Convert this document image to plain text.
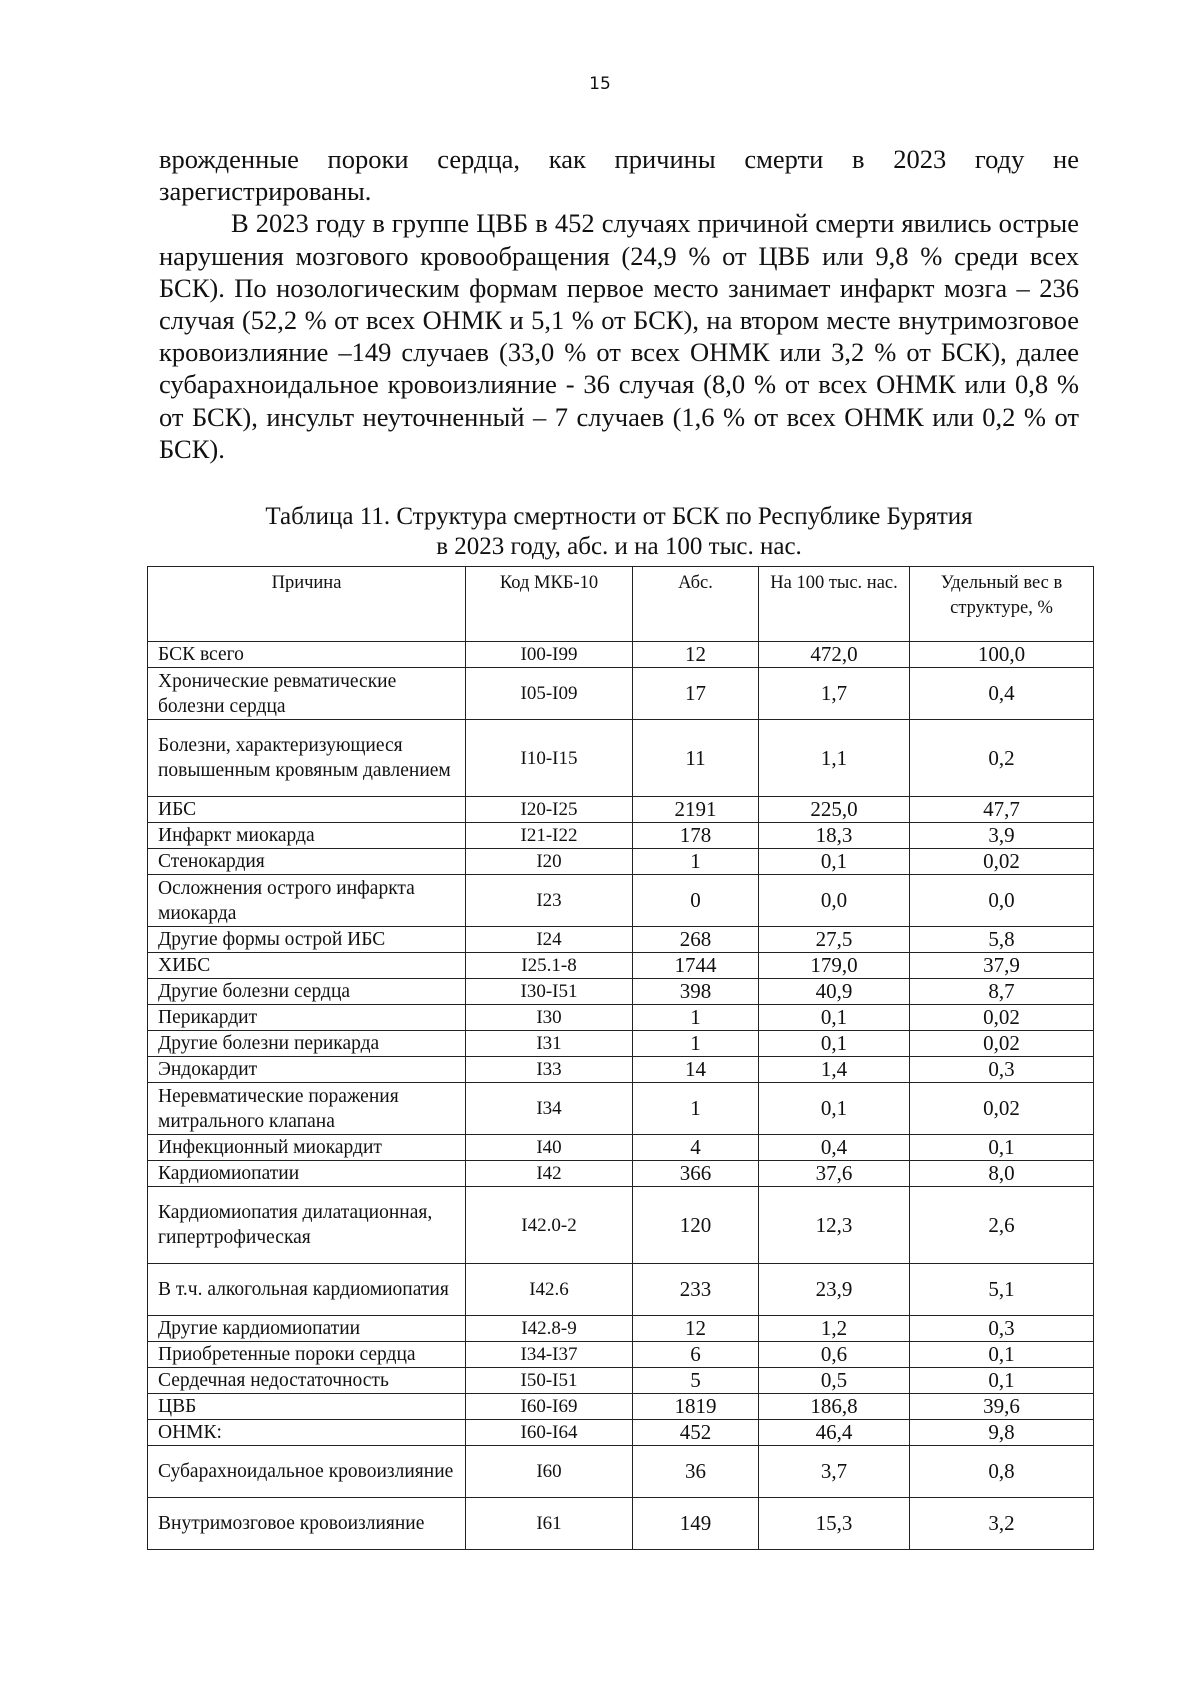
15

врожденные пороки сердца, как причины смерти в 2023 году не зарегистрированы.

В 2023 году в группе ЦВБ в 452 случаях причиной смерти явились острые нарушения мозгового кровообращения (24,9 % от ЦВБ или 9,8 % среди всех БСК). По нозологическим формам первое место занимает инфаркт мозга – 236 случая (52,2 % от всех ОНМК и 5,1 % от БСК), на втором месте внутримозговое кровоизлияние –149 случаев (33,0 % от всех ОНМК или 3,2 % от БСК), далее субарахноидальное кровоизлияние - 36 случая (8,0 % от всех ОНМК или 0,8 % от БСК), инсульт неуточненный – 7 случаев (1,6 % от всех ОНМК или 0,2 % от БСК).

Таблица 11. Структура смертности от БСК по Республике Бурятия
в 2023 году, абс. и на 100 тыс. нас.
Причина	Код МКБ-10	Абс.	На 100 тыс. нас.	Удельный вес в структуре, %
БСК всего	I00-I99	12	472,0	100,0
Хронические ревматические болезни сердца	I05-I09	17	1,7	0,4
Болезни, характеризующиеся повышенным кровяным давлением	I10-I15	11	1,1	0,2
ИБС	I20-I25	2191	225,0	47,7
Инфаркт миокарда	I21-I22	178	18,3	3,9
Стенокардия	I20	1	0,1	0,02
Осложнения острого инфаркта миокарда	I23	0	0,0	0,0
Другие формы острой ИБС	I24	268	27,5	5,8
ХИБС	I25.1-8	1744	179,0	37,9
Другие болезни сердца	I30-I51	398	40,9	8,7
Перикардит	I30	1	0,1	0,02
Другие болезни перикарда	I31	1	0,1	0,02
Эндокардит	I33	14	1,4	0,3
Неревматические поражения митрального клапана	I34	1	0,1	0,02
Инфекционный миокардит	I40	4	0,4	0,1
Кардиомиопатии	I42	366	37,6	8,0
Кардиомиопатия дилатационная, гипертрофическая	I42.0-2	120	12,3	2,6
В т.ч. алкогольная кардиомиопатия	I42.6	233	23,9	5,1
Другие кардиомиопатии	I42.8-9	12	1,2	0,3
Приобретенные пороки сердца	I34-I37	6	0,6	0,1
Сердечная недостаточность	I50-I51	5	0,5	0,1
ЦВБ	I60-I69	1819	186,8	39,6
ОНМК:	I60-I64	452	46,4	9,8
Субарахноидальное кровоизлияние	I60	36	3,7	0,8
Внутримозговое кровоизлияние	I61	149	15,3	3,2
